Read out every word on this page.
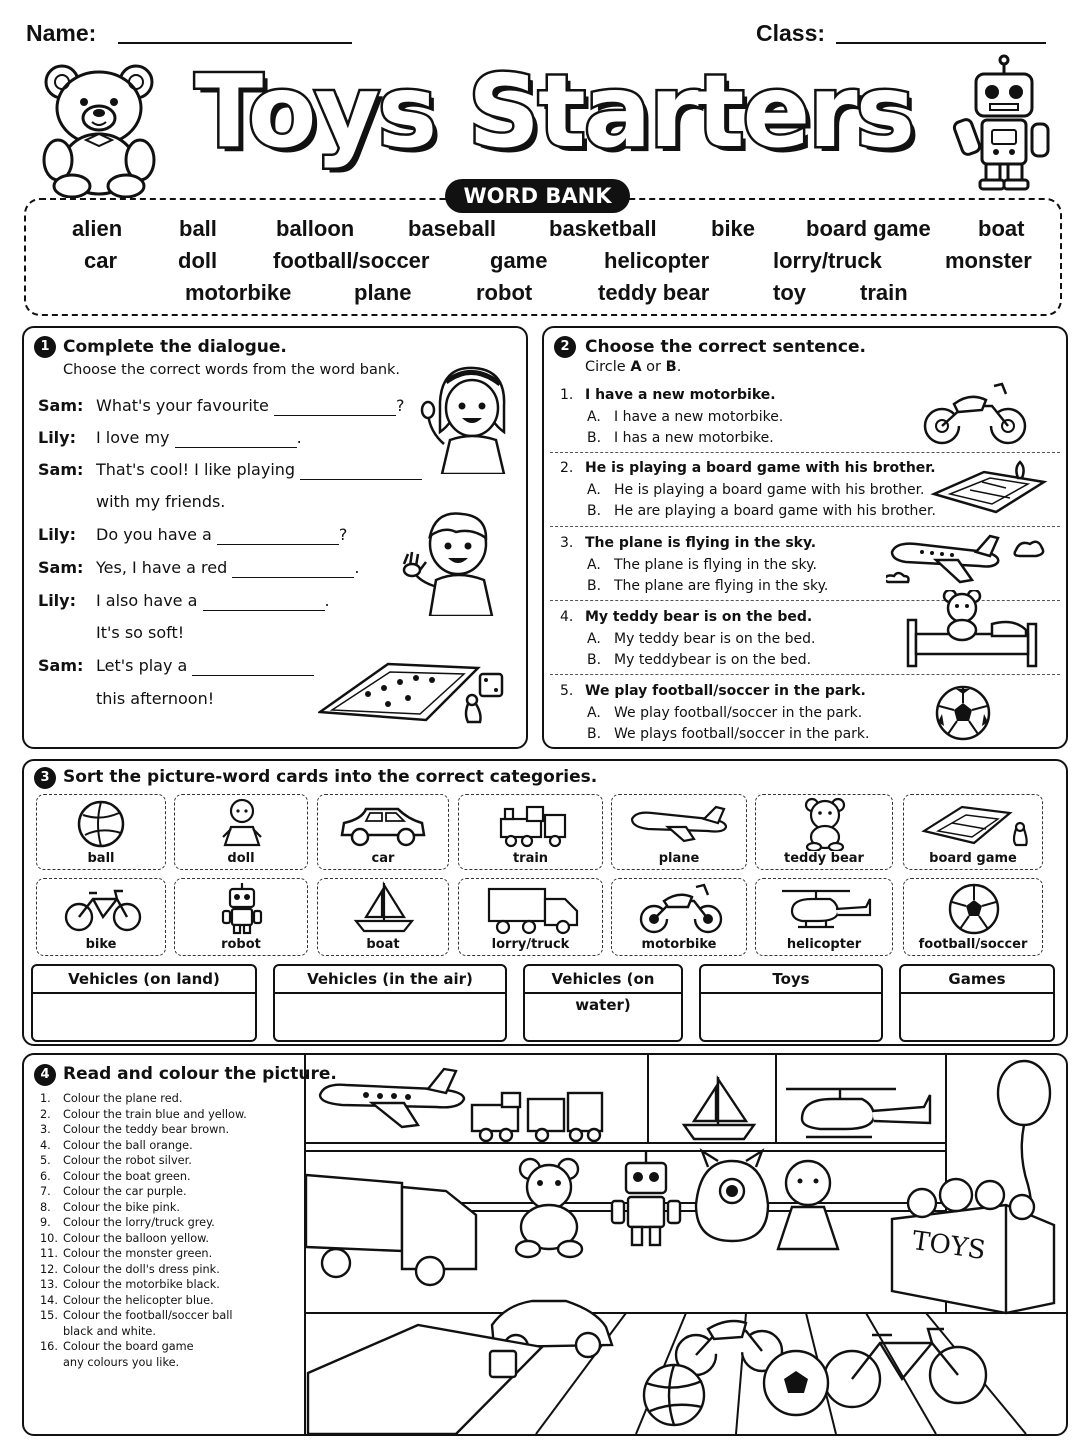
Name:	Class:
Toys Starters
WORD BANK
alien	ball	balloon baseball basketball bike board game boat
car	doll	football/soccer	game	helicopter	lorry/truck	monster
motorbike	plane	robot	teddy bear	toy train
1 Complete the dialogue.
Choose the correct words from the word bank.
Sam: What's your favourite	?
Lily: I love my	.
Sam: That's cool! I like playing
with my friends.
Lily: Do you have a	?
Sam: Yes, I have a red	.
Lily: I also have a	.
It's so soft!
Sam: Let's play a
this afternoon!
2 Choose the correct sentence.
Circle A or B.
1. I have a new motorbike.
A. I have a new motorbike.
B. I has a new motorbike.
2. He is playing a board game with his brother.
A. He is playing a board game with his brother.
B. He are playing a board game with his brother.
3. The plane is flying in the sky.
A. The plane is flying in the sky.
B. The plane are flying in the sky.
4. My teddy bear is on the bed.
A. My teddy bear is on the bed.
B. My teddybear is on the bed.
5. We play football/soccer in the park.
A. We play football/soccer in the park.
B. We plays football/soccer in the park.
3 Sort the picture-word cards into the correct categories.
ball	doll	car	train	plane	teddy bear	board game
bike	robot	boat	lorry/truck	motorbike	helicopter	football/soccer
Vehicles (on land)	Vehicles (in the air)	Vehicles (on water)
Toys	Games
4 Read and colour the picture.
1. Colour the plane red.
2. Colour the train blue and yellow.
3. Colour the teddy bear brown.
4. Colour the ball orange.
5. Colour the robot silver.
6. Colour the boat green.
7. Colour the car purple.
8. Colour the bike pink.
9. Colour the lorry/truck grey.
10. Colour the balloon yellow.
11. Colour the monster green.
12. Colour the doll's dress pink.
13. Colour the motorbike black.
14. Colour the helicopter blue.
15. Colour the football/soccer ball
black and white.
16. Colour the board game
any colours you like.
TOYS
